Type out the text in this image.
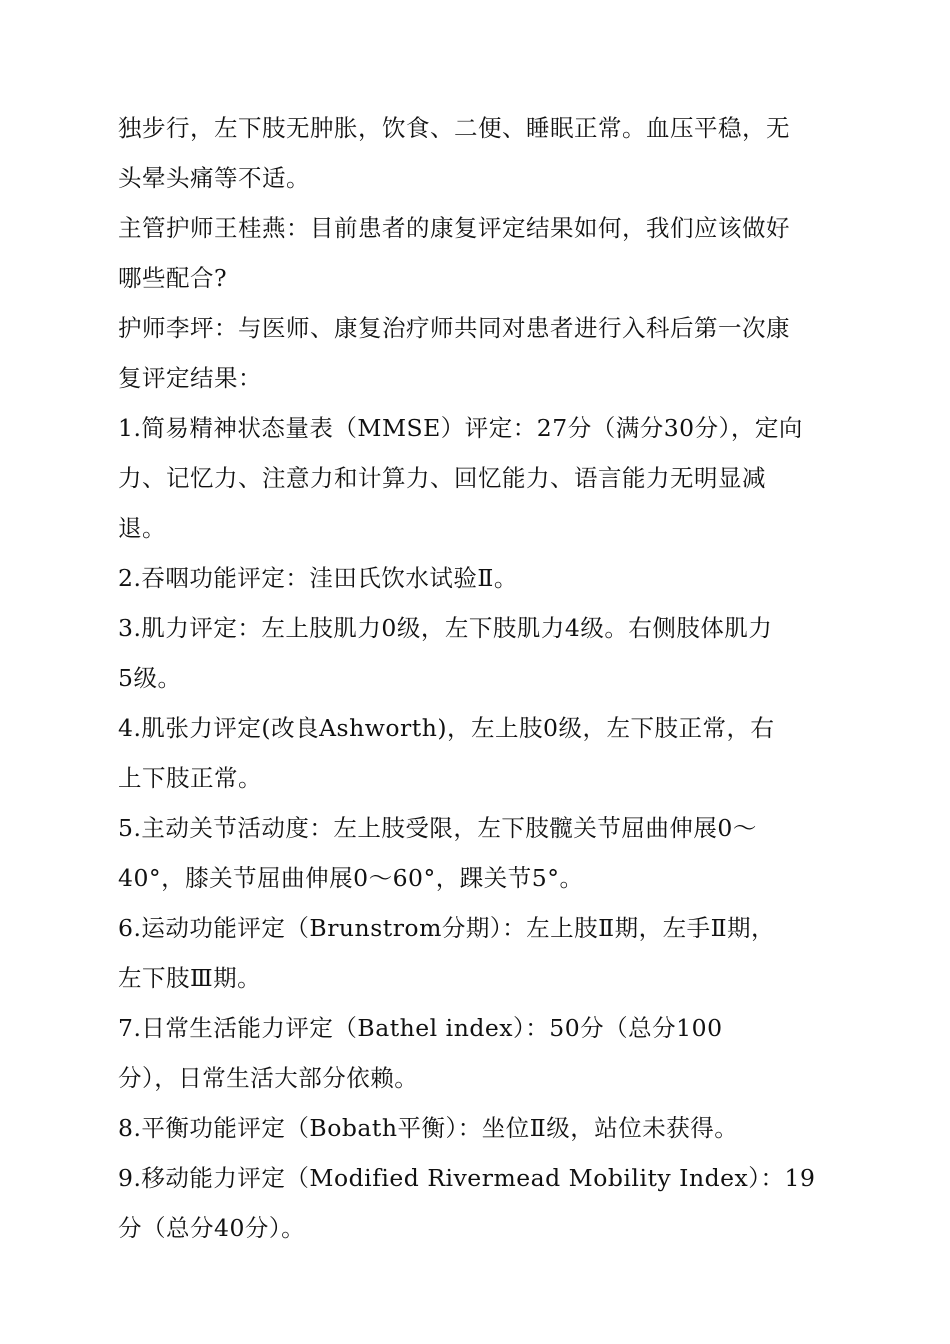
独步行，左下肢无肿胀，饮食、二便、睡眠正常。血压平稳，无
头晕头痛等不适。
主管护师王桂燕：目前患者的康复评定结果如何，我们应该做好
哪些配合?
护师李坪：与医师、康复治疗师共同对患者进行入科后第一次康
复评定结果：
1.简易精神状态量表（MMSE）评定：27分（满分30分），定向
力、记忆力、注意力和计算力、回忆能力、语言能力无明显减
退。
2.吞咽功能评定：洼田氏饮水试验Ⅱ。
3.肌力评定：左上肢肌力0级，左下肢肌力4级。右侧肢体肌力
5级。
4.肌张力评定(改良Ashworth)，左上肢0级，左下肢正常，右
上下肢正常。
5.主动关节活动度：左上肢受限，左下肢髋关节屈曲伸展0～
40°，膝关节屈曲伸展0～60°，踝关节5°。
6.运动功能评定（Brunstrom分期）：左上肢Ⅱ期，左手Ⅱ期，
左下肢Ⅲ期。
7.日常生活能力评定（Bathel index）：50分（总分100
分），日常生活大部分依赖。
8.平衡功能评定（Bobath平衡）：坐位Ⅱ级，站位未获得。
9.移动能力评定（Modified Rivermead Mobility Index）：19
分（总分40分）。
